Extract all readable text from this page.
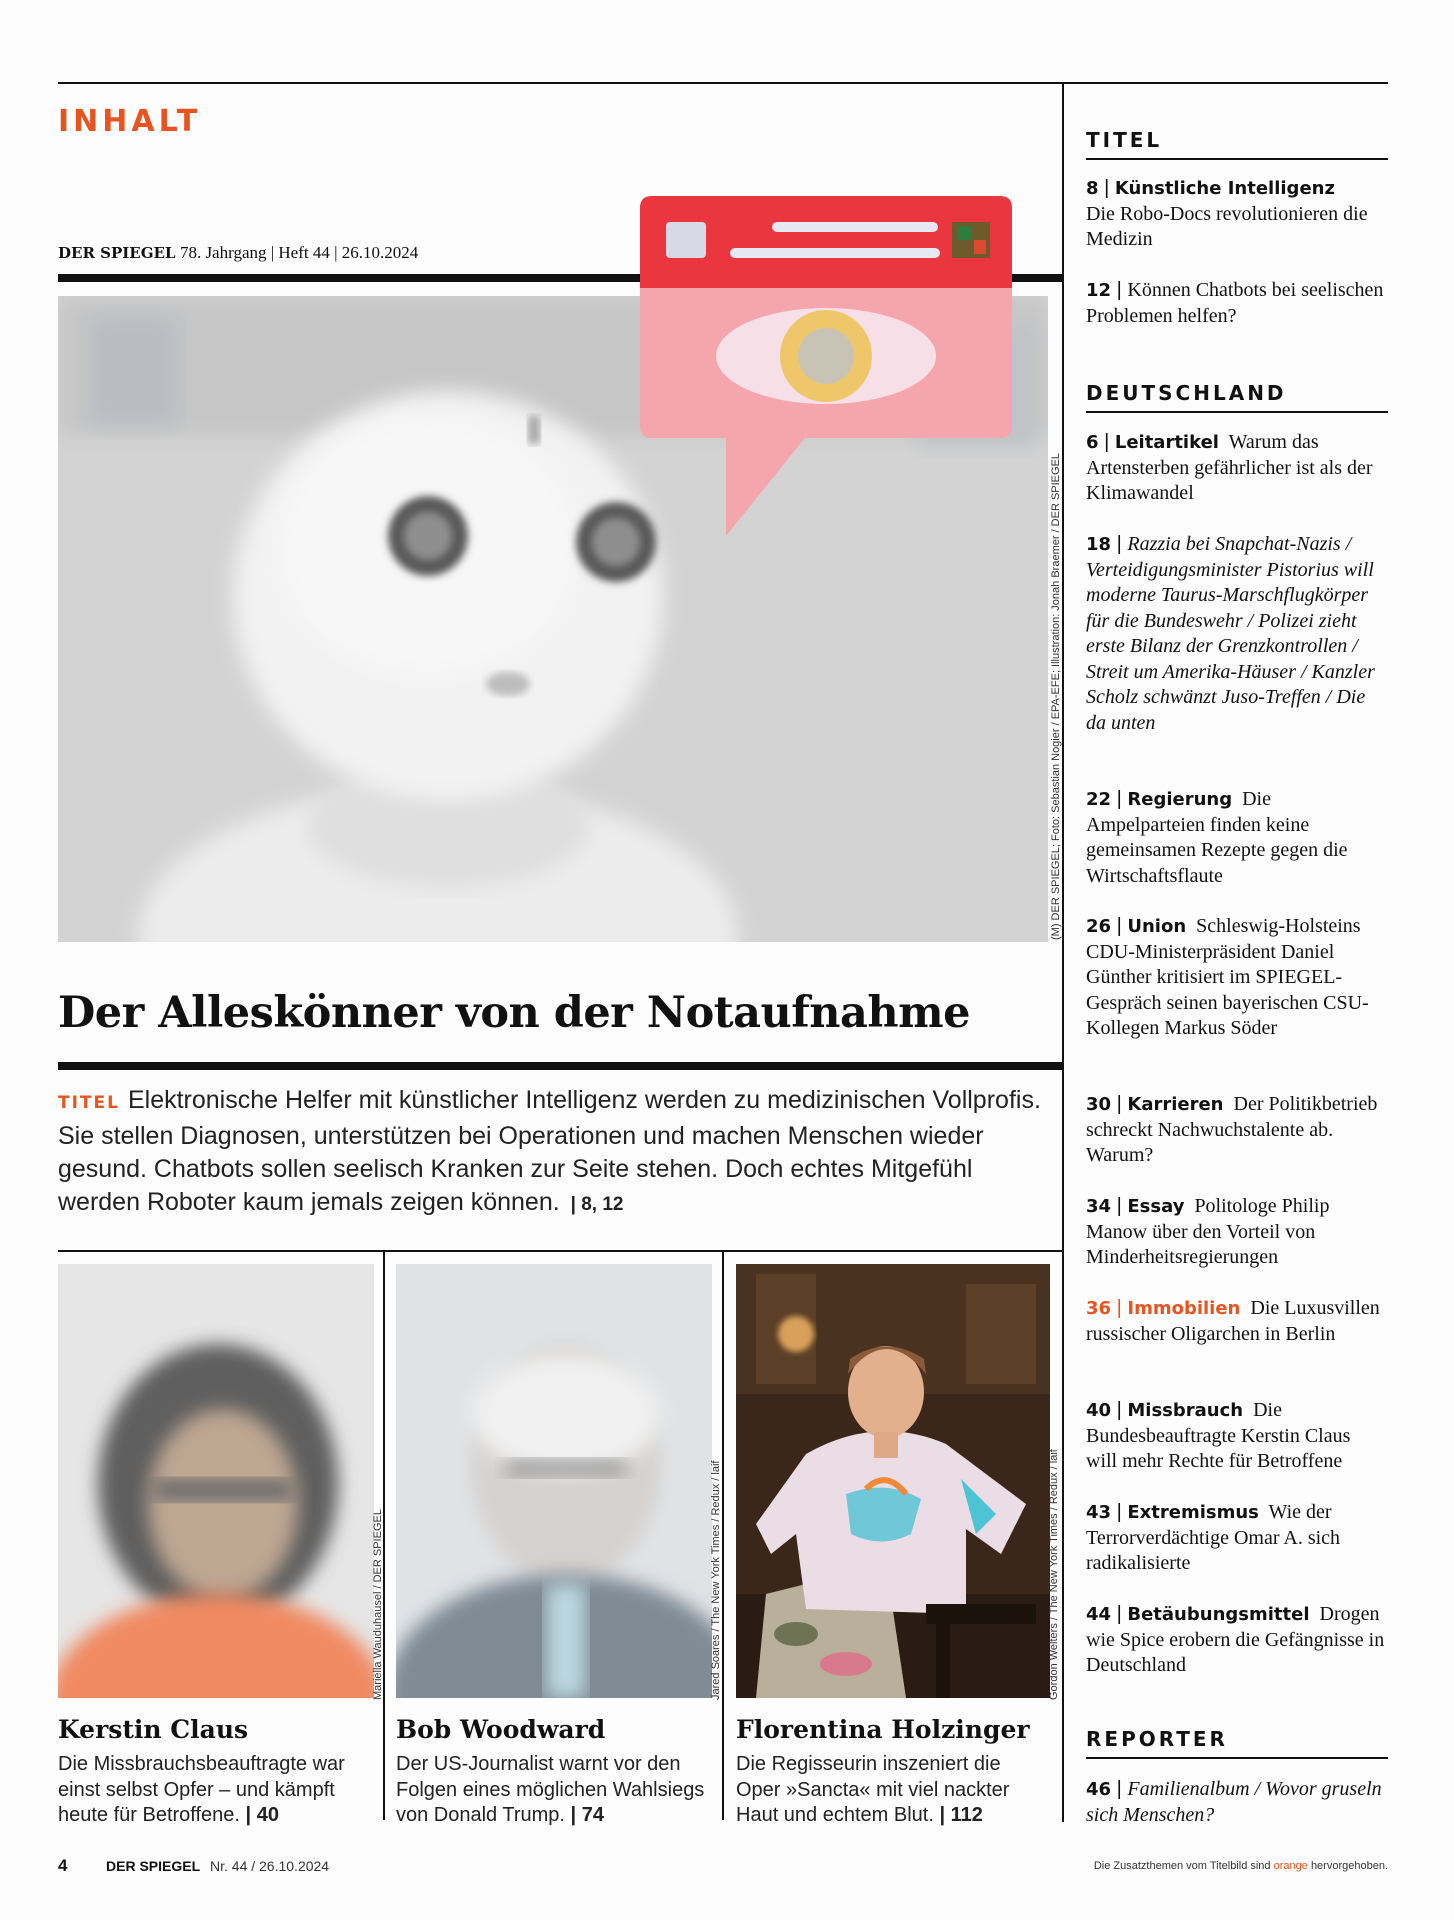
INHALT
DER SPIEGEL 78. Jahrgang | Heft 44 | 26.10.2024
(M) DER SPIEGEL; Foto: Sebastian Nogier / EPA-EFE; Illustration: Jonah Braemer / DER SPIEGEL
Der Alleskönner von der Notaufnahme
TITEL Elektronische Helfer mit künstlicher Intelligenz werden zu medizinischen Vollprofis. Sie stellen Diagnosen, unterstützen bei Operationen und machen Menschen wieder gesund. Chatbots sollen seelisch Kranken zur Seite stehen. Doch echtes Mitgefühl werden Roboter kaum jemals zeigen können. | 8, 12
Mariella Wauduhausel / DER SPIEGEL	Jared Soares / The New York Times / Redux / laif	Gordon Welters / The New York Times / Redux / laif
Kerstin Claus
Die Missbrauchsbeauftragte war einst selbst Opfer – und kämpft heute für Betroffene. | 40
Bob Woodward
Der US-Journalist warnt vor den Folgen eines möglichen Wahlsiegs von Donald Trump. | 74
Florentina Holzinger
Die Regisseurin inszeniert die Oper »Sancta« mit viel nackter Haut und echtem Blut. | 112
TITEL
8 | Künstliche Intelligenz
Die Robo-Docs revolutionieren die Medizin
12 | Können Chatbots bei seelischen Problemen helfen?
DEUTSCHLAND
6 | Leitartikel Warum das Artensterben gefährlicher ist als der Klimawandel
18 | Razzia bei Snapchat-Nazis / Verteidigungsminister Pistorius will moderne Taurus-Marschflugkörper für die Bundeswehr / Polizei zieht erste Bilanz der Grenzkontrollen / Streit um Amerika-Häuser / Kanzler Scholz schwänzt Juso-Treffen / Die da unten
22 | Regierung Die Ampelparteien finden keine gemeinsamen Rezepte gegen die Wirtschaftsflaute
26 | Union Schleswig-Holsteins CDU-Ministerpräsident Daniel Günther kritisiert im SPIEGEL-Gespräch seinen bayerischen CSU-Kollegen Markus Söder
30 | Karrieren Der Politikbetrieb schreckt Nachwuchstalente ab. Warum?
34 | Essay Politologe Philip Manow über den Vorteil von Minderheitsregierungen
36 | Immobilien Die Luxusvillen russischer Oligarchen in Berlin
40 | Missbrauch Die Bundesbeauftragte Kerstin Claus will mehr Rechte für Betroffene
43 | Extremismus Wie der Terrorverdächtige Omar A. sich radikalisierte
44 | Betäubungsmittel Drogen wie Spice erobern die Gefängnisse in Deutschland
REPORTER
46 | Familienalbum / Wovor gruseln sich Menschen?
4	DER SPIEGEL Nr. 44 / 26.10.2024	Die Zusatzthemen vom Titelbild sind orange hervorgehoben.
